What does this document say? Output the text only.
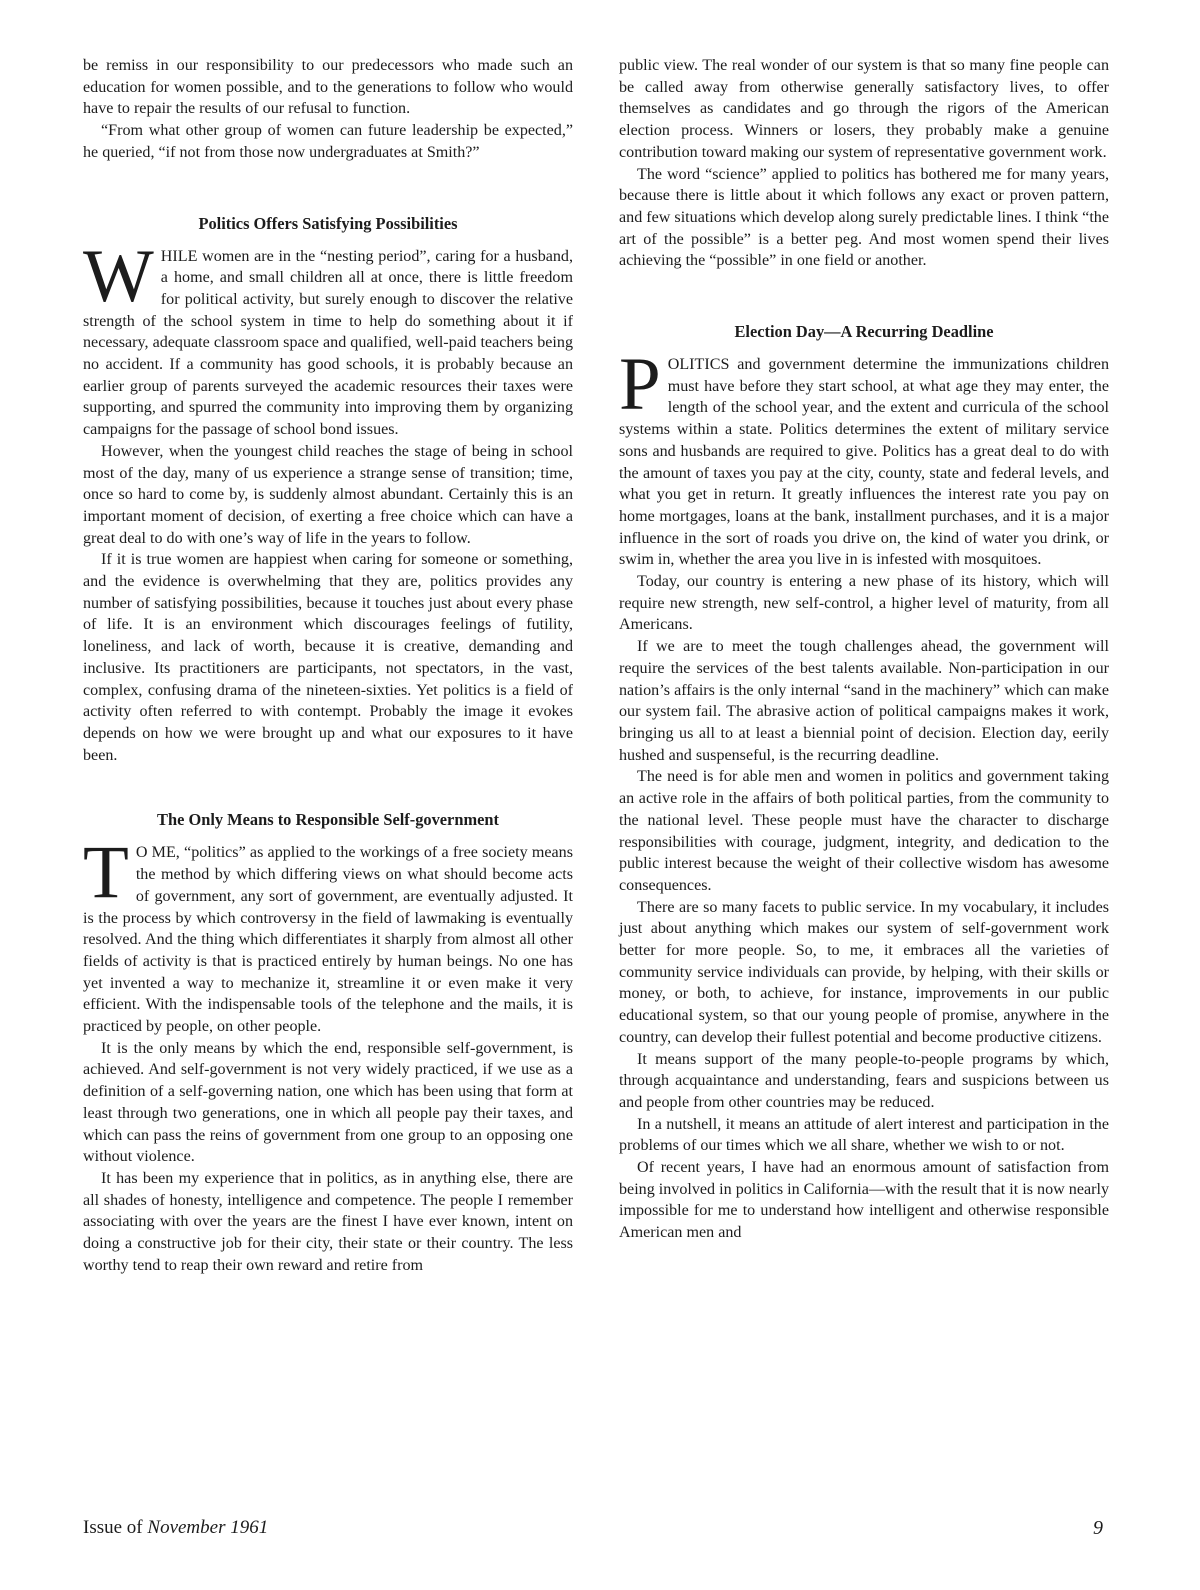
be remiss in our responsibility to our predecessors who made such an education for women possible, and to the generations to follow who would have to repair the results of our refusal to function.

“From what other group of women can future leadership be expected,” he queried, “if not from those now undergraduates at Smith?”

Politics Offers Satisfying Possibilities

WHILE women are in the “nesting period”, caring for a husband, a home, and small children all at once, there is little freedom for political activity, but surely enough to discover the relative strength of the school system in time to help do something about it if necessary, adequate classroom space and qualified, well-paid teachers being no accident. If a community has good schools, it is probably because an earlier group of parents surveyed the academic resources their taxes were supporting, and spurred the community into improving them by organizing campaigns for the passage of school bond issues.

However, when the youngest child reaches the stage of being in school most of the day, many of us experience a strange sense of transition; time, once so hard to come by, is suddenly almost abundant. Certainly this is an important moment of decision, of exerting a free choice which can have a great deal to do with one’s way of life in the years to follow.

If it is true women are happiest when caring for someone or something, and the evidence is overwhelming that they are, politics provides any number of satisfying possibilities, because it touches just about every phase of life. It is an environment which discourages feelings of futility, loneliness, and lack of worth, because it is creative, demanding and inclusive. Its practitioners are participants, not spectators, in the vast, complex, confusing drama of the nineteen-sixties. Yet politics is a field of activity often referred to with contempt. Probably the image it evokes depends on how we were brought up and what our exposures to it have been.

The Only Means to Responsible Self-government

T O ME, “politics” as applied to the workings of a free society means the method by which differing views on what should become acts of government, any sort of government, are eventually adjusted. It is the process by which controversy in the field of lawmaking is eventually resolved. And the thing which differentiates it sharply from almost all other fields of activity is that is practiced entirely by human beings. No one has yet invented a way to mechanize it, streamline it or even make it very efficient. With the indispensable tools of the telephone and the mails, it is practiced by people, on other people.

It is the only means by which the end, responsible self-government, is achieved. And self-government is not very widely practiced, if we use as a definition of a self-governing nation, one which has been using that form at least through two generations, one in which all people pay their taxes, and which can pass the reins of government from one group to an opposing one without violence.

It has been my experience that in politics, as in anything else, there are all shades of honesty, intelligence and competence. The people I remember associating with over the years are the finest I have ever known, intent on doing a constructive job for their city, their state or their country. The less worthy tend to reap their own reward and retire from

public view. The real wonder of our system is that so many fine people can be called away from otherwise generally satisfactory lives, to offer themselves as candidates and go through the rigors of the American election process. Winners or losers, they probably make a genuine contribution toward making our system of representative government work.

The word “science” applied to politics has bothered me for many years, because there is little about it which follows any exact or proven pattern, and few situations which develop along surely predictable lines. I think “the art of the possible” is a better peg. And most women spend their lives achieving the “possible” in one field or another.

Election Day—A Recurring Deadline

POLITICS and government determine the immunizations children must have before they start school, at what age they may enter, the length of the school year, and the extent and curricula of the school systems within a state. Politics determines the extent of military service sons and husbands are required to give. Politics has a great deal to do with the amount of taxes you pay at the city, county, state and federal levels, and what you get in return. It greatly influences the interest rate you pay on home mortgages, loans at the bank, installment purchases, and it is a major influence in the sort of roads you drive on, the kind of water you drink, or swim in, whether the area you live in is infested with mosquitoes.

Today, our country is entering a new phase of its history, which will require new strength, new self-control, a higher level of maturity, from all Americans.

If we are to meet the tough challenges ahead, the government will require the services of the best talents available. Non-participation in our nation’s affairs is the only internal “sand in the machinery” which can make our system fail. The abrasive action of political campaigns makes it work, bringing us all to at least a biennial point of decision. Election day, eerily hushed and suspenseful, is the recurring deadline.

The need is for able men and women in politics and government taking an active role in the affairs of both political parties, from the community to the national level. These people must have the character to discharge responsibilities with courage, judgment, integrity, and dedication to the public interest because the weight of their collective wisdom has awesome consequences.

There are so many facets to public service. In my vocabulary, it includes just about anything which makes our system of self-government work better for more people. So, to me, it embraces all the varieties of community service individuals can provide, by helping, with their skills or money, or both, to achieve, for instance, improvements in our public educational system, so that our young people of promise, anywhere in the country, can develop their fullest potential and become productive citizens.

It means support of the many people-to-people programs by which, through acquaintance and understanding, fears and suspicions between us and people from other countries may be reduced.

In a nutshell, it means an attitude of alert interest and participation in the problems of our times which we all share, whether we wish to or not.

Of recent years, I have had an enormous amount of satisfaction from being involved in politics in California—with the result that it is now nearly impossible for me to understand how intelligent and otherwise responsible American men and

Issue of November 1961	9
